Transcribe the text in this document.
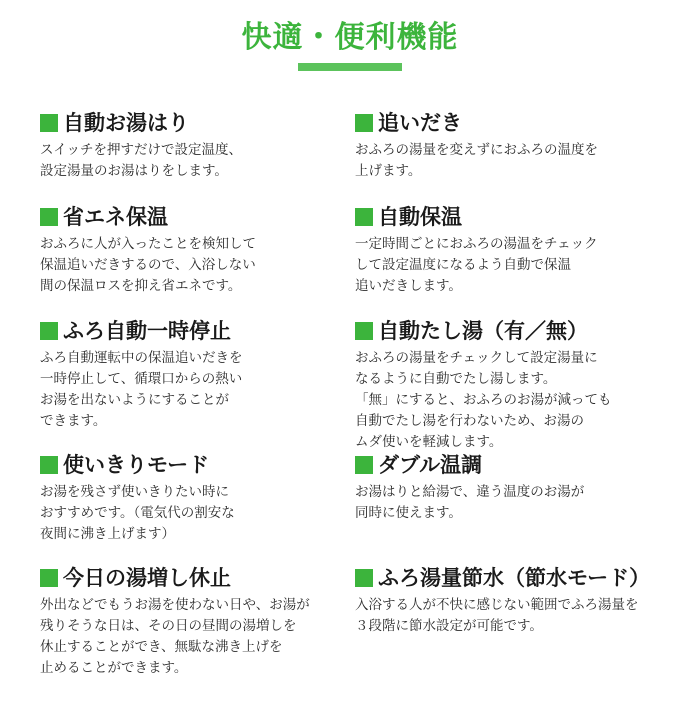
快適・便利機能
自動お湯はり

スイッチを押すだけで設定温度、
設定湯量のお湯はりをします。

追いだき

おふろの湯量を変えずにおふろの温度を
上げます。

省エネ保温

おふろに人が入ったことを検知して
保温追いだきするので、入浴しない
間の保温ロスを抑え省エネです。

自動保温

一定時間ごとにおふろの湯温をチェック
して設定温度になるよう自動で保温
追いだきします。

ふろ自動一時停止

ふろ自動運転中の保温追いだきを
一時停止して、循環口からの熱い
お湯を出ないようにすることが
できます。

自動たし湯（有／無）

おふろの湯量をチェックして設定湯量に
なるように自動でたし湯します。
「無」にすると、おふろのお湯が減っても
自動でたし湯を行わないため、お湯の
ムダ使いを軽減します。

使いきりモード

お湯を残さず使いきりたい時に
おすすめです。（電気代の割安な
夜間に沸き上げます）

ダブル温調

お湯はりと給湯で、違う温度のお湯が
同時に使えます。

今日の湯増し休止

外出などでもうお湯を使わない日や、お湯が
残りそうな日は、その日の昼間の湯増しを
休止することができ、無駄な沸き上げを
止めることができます。

ふろ湯量節水（節水モード）

入浴する人が不快に感じない範囲でふろ湯量を
３段階に節水設定が可能です。
